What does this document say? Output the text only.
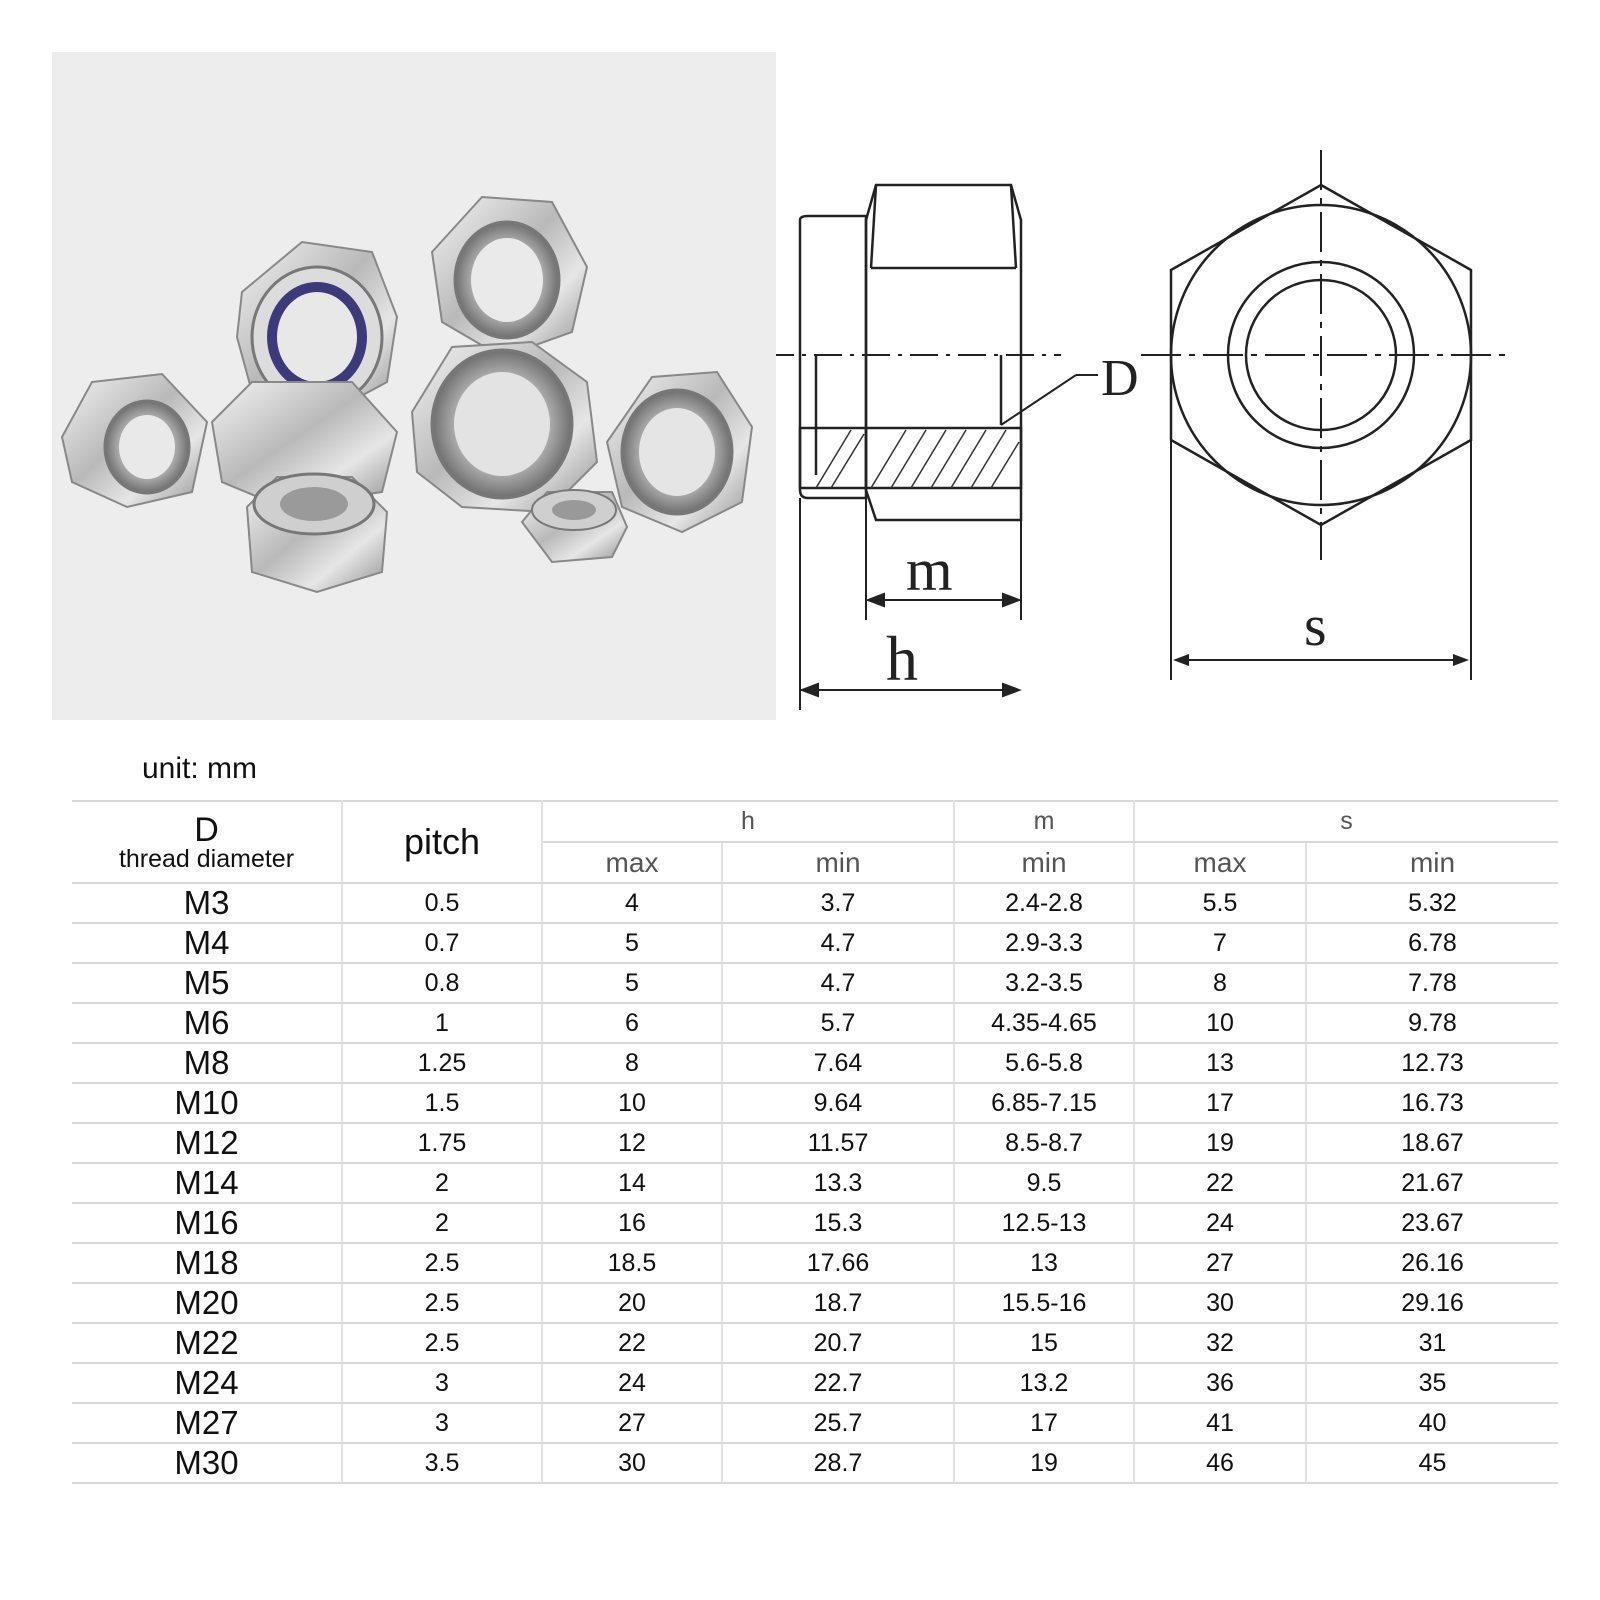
D
m
h	s
unit: mm
D
thread diameter	pitch	h		m	s	
		max	min	min	max	min
M3	0.5	4	3.7	2.4-2.8	5.5	5.32
M4	0.7	5	4.7	2.9-3.3	7	6.78
M5	0.8	5	4.7	3.2-3.5	8	7.78
M6	1	6	5.7	4.35-4.65	10	9.78
M8	1.25	8	7.64	5.6-5.8	13	12.73
M10	1.5	10	9.64	6.85-7.15	17	16.73
M12	1.75	12	11.57	8.5-8.7	19	18.67
M14	2	14	13.3	9.5	22	21.67
M16	2	16	15.3	12.5-13	24	23.67
M18	2.5	18.5	17.66	13	27	26.16
M20	2.5	20	18.7	15.5-16	30	29.16
M22	2.5	22	20.7	15	32	31
M24	3	24	22.7	13.2	36	35
M27	3	27	25.7	17	41	40
M30	3.5	30	28.7	19	46	45
